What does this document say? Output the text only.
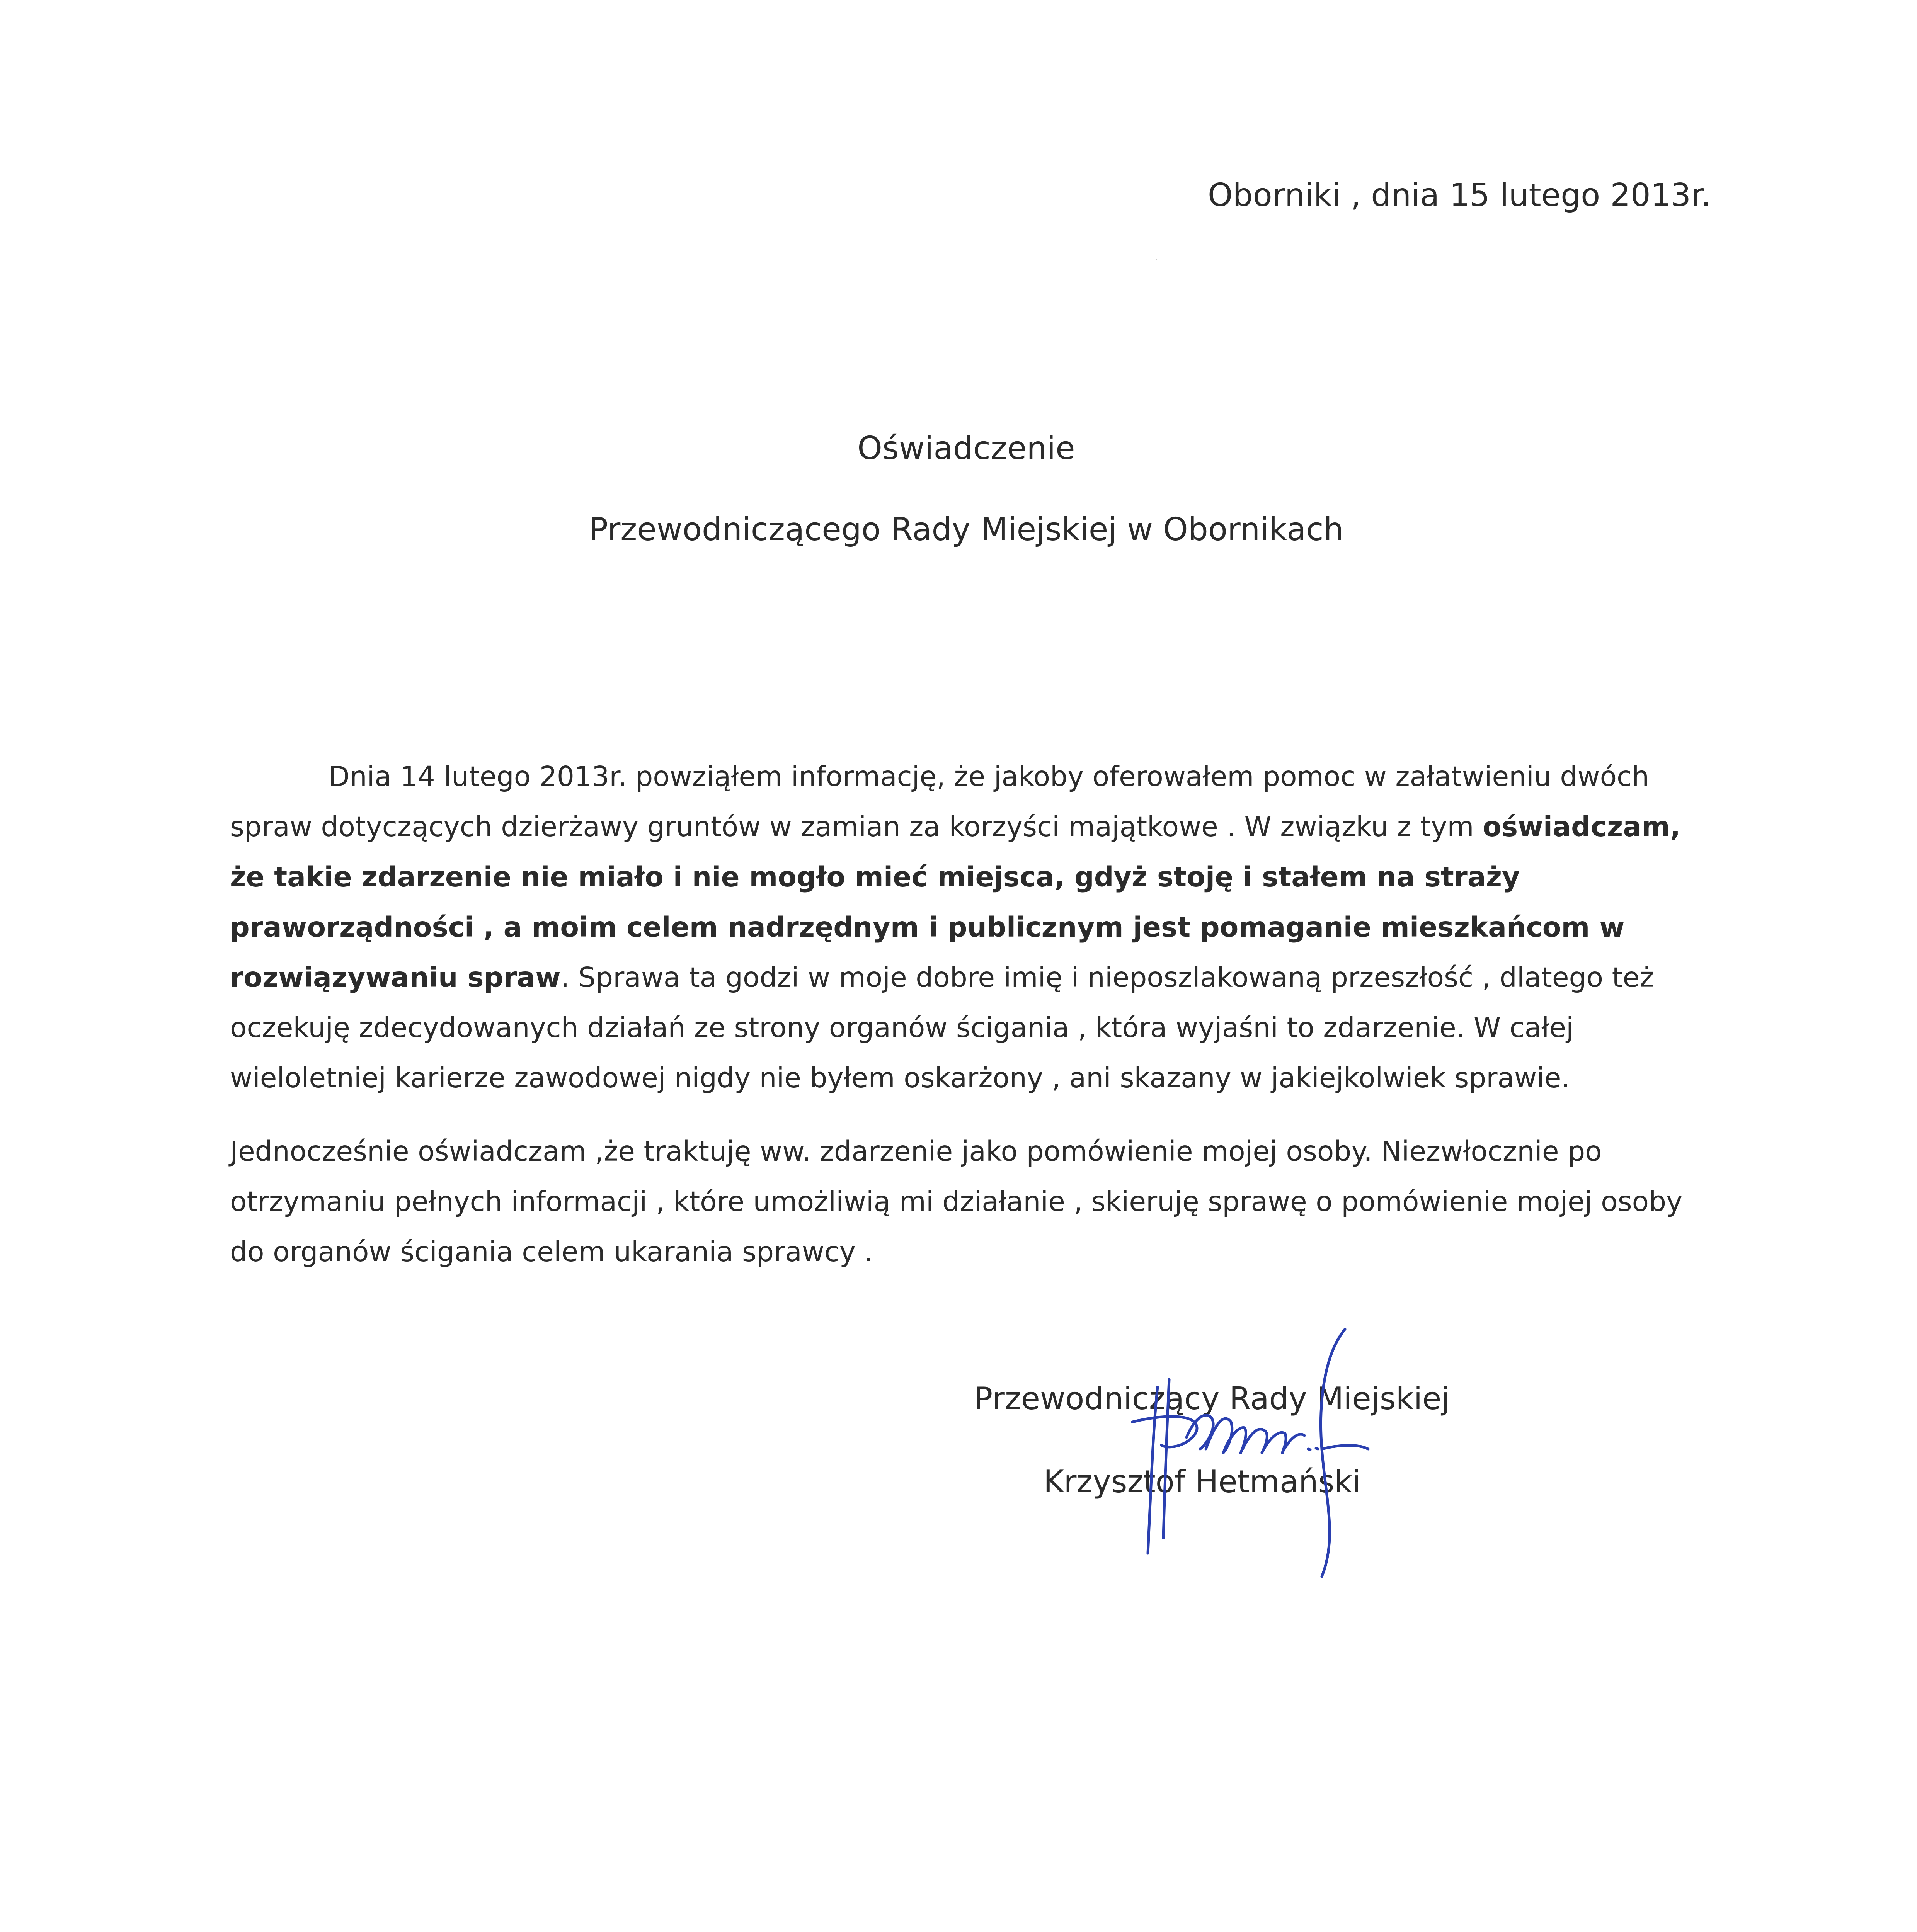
Oborniki , dnia 15 lutego 2013r.
Oświadczenie
Przewodniczącego Rady Miejskiej w Obornikach

Dnia 14 lutego 2013r. powziąłem informację, że jakoby oferowałem pomoc w załatwieniu dwóch spraw dotyczących dzierżawy gruntów w zamian za korzyści majątkowe . W związku z tym oświadczam, że takie zdarzenie nie miało i nie mogło mieć miejsca, gdyż stoję i stałem na straży praworządności , a moim celem nadrzędnym i publicznym jest pomaganie mieszkańcom w rozwiązywaniu spraw. Sprawa ta godzi w moje dobre imię i nieposzlakowaną przeszłość , dlatego też oczekuję zdecydowanych działań ze strony organów ścigania , która wyjaśni to zdarzenie. W całej wieloletniej karierze zawodowej nigdy nie byłem oskarżony , ani skazany w jakiejkolwiek sprawie.

Jednocześnie oświadczam ,że traktuję ww. zdarzenie jako pomówienie mojej osoby. Niezwłocznie po otrzymaniu pełnych informacji , które umożliwią mi działanie , skieruję sprawę o pomówienie mojej osoby do organów ścigania celem ukarania sprawcy .

Przewodniczący Rady Miejskiej
Krzysztof Hetmański
